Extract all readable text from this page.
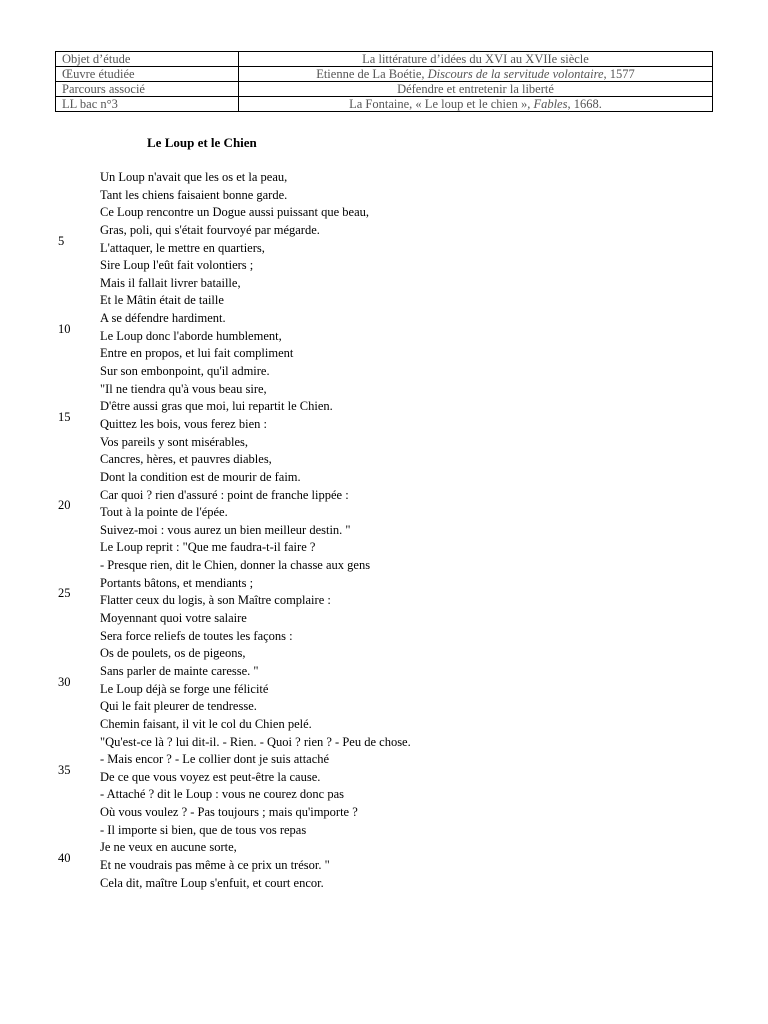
Objet d’étude	La littérature d’idées du XVI au XVIIe siècle
Œuvre étudiée	Etienne de La Boétie, Discours de la servitude volontaire, 1577
Parcours associé	Défendre et entretenir la liberté
LL bac n°3	La Fontaine, « Le loup et le chien », Fables, 1668.
Le Loup et le Chien
Un Loup n'avait que les os et la peau,
Tant les chiens faisaient bonne garde.
Ce Loup rencontre un Dogue aussi puissant que beau,
Gras, poli, qui s'était fourvoyé par mégarde.
5	L'attaquer, le mettre en quartiers,
Sire Loup l'eût fait volontiers ;
Mais il fallait livrer bataille,
Et le Mâtin était de taille
A se défendre hardiment.
10	Le Loup donc l'aborde humblement,
Entre en propos, et lui fait compliment
Sur son embonpoint, qu'il admire.
"Il ne tiendra qu'à vous beau sire,
D'être aussi gras que moi, lui repartit le Chien.
15	Quittez les bois, vous ferez bien :
Vos pareils y sont misérables,
Cancres, hères, et pauvres diables,
Dont la condition est de mourir de faim.
Car quoi ? rien d'assuré : point de franche lippée :
20	Tout à la pointe de l'épée.
Suivez-moi : vous aurez un bien meilleur destin. "
Le Loup reprit : "Que me faudra-t-il faire ?
- Presque rien, dit le Chien, donner la chasse aux gens
Portants bâtons, et mendiants ;
25	Flatter ceux du logis, à son Maître complaire :
Moyennant quoi votre salaire
Sera force reliefs de toutes les façons :
Os de poulets, os de pigeons,
Sans parler de mainte caresse. "
30	Le Loup déjà se forge une félicité
Qui le fait pleurer de tendresse.
Chemin faisant, il vit le col du Chien pelé.
"Qu'est-ce là ? lui dit-il. - Rien. - Quoi ? rien ? - Peu de chose.
- Mais encor ? - Le collier dont je suis attaché
35	De ce que vous voyez est peut-être la cause.
- Attaché ? dit le Loup : vous ne courez donc pas
Où vous voulez ? - Pas toujours ; mais qu'importe ?
- Il importe si bien, que de tous vos repas
Je ne veux en aucune sorte,
40	Et ne voudrais pas même à ce prix un trésor. "
Cela dit, maître Loup s'enfuit, et court encor.
